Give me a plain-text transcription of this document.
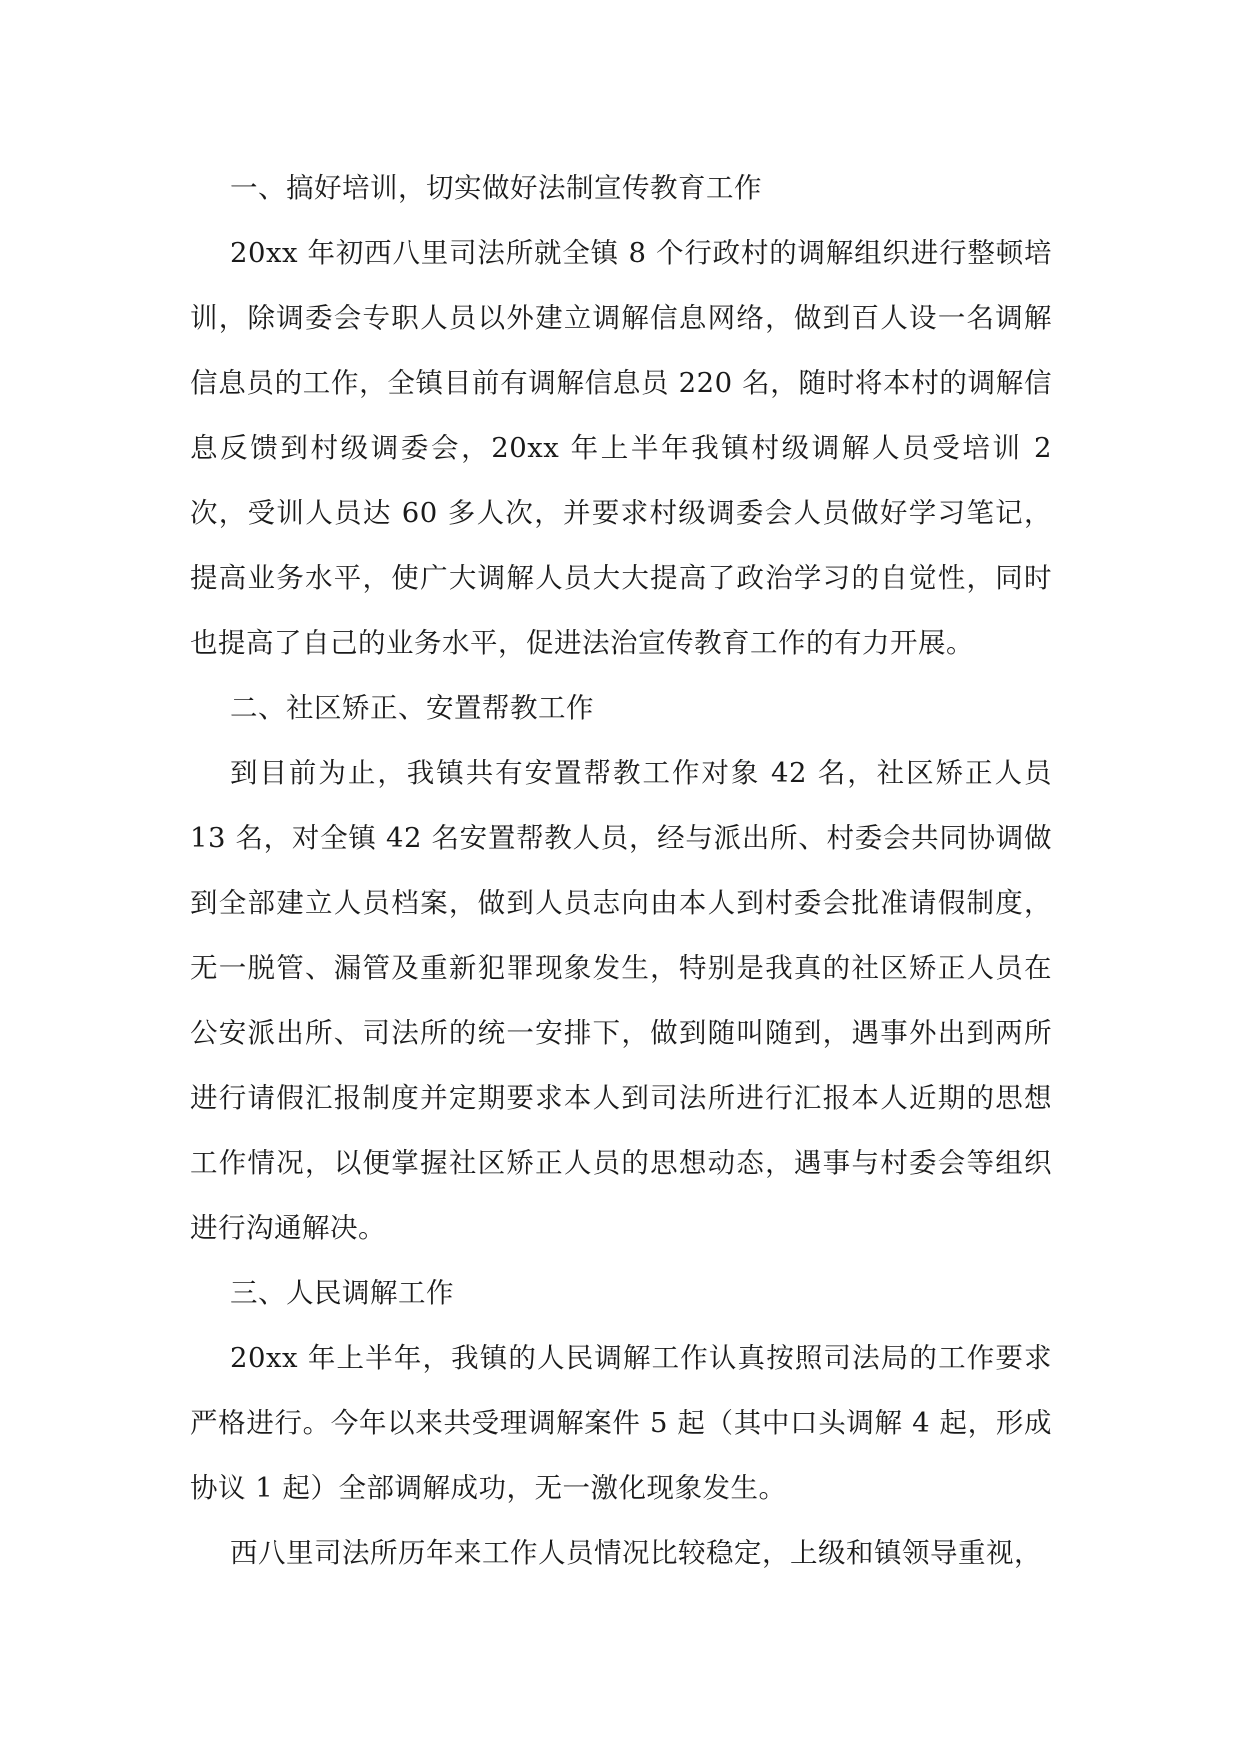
一、搞好培训，切实做好法制宣传教育工作

20xx 年初西八里司法所就全镇 8 个行政村的调解组织进行整顿培训，除调委会专职人员以外建立调解信息网络，做到百人设一名调解信息员的工作，全镇目前有调解信息员 220 名，随时将本村的调解信息反馈到村级调委会，20xx 年上半年我镇村级调解人员受培训 2 次，受训人员达 60 多人次，并要求村级调委会人员做好学习笔记，提高业务水平，使广大调解人员大大提高了政治学习的自觉性，同时也提高了自己的业务水平，促进法治宣传教育工作的有力开展。

二、社区矫正、安置帮教工作

到目前为止，我镇共有安置帮教工作对象 42 名，社区矫正人员 13 名，对全镇 42 名安置帮教人员，经与派出所、村委会共同协调做到全部建立人员档案，做到人员志向由本人到村委会批准请假制度，无一脱管、漏管及重新犯罪现象发生，特别是我真的社区矫正人员在公安派出所、司法所的统一安排下，做到随叫随到，遇事外出到两所进行请假汇报制度并定期要求本人到司法所进行汇报本人近期的思想工作情况，以便掌握社区矫正人员的思想动态，遇事与村委会等组织进行沟通解决。

三、人民调解工作

20xx 年上半年，我镇的人民调解工作认真按照司法局的工作要求严格进行。今年以来共受理调解案件 5 起（其中口头调解 4 起，形成协议 1 起）全部调解成功，无一激化现象发生。

西八里司法所历年来工作人员情况比较稳定，上级和镇领导重视，
